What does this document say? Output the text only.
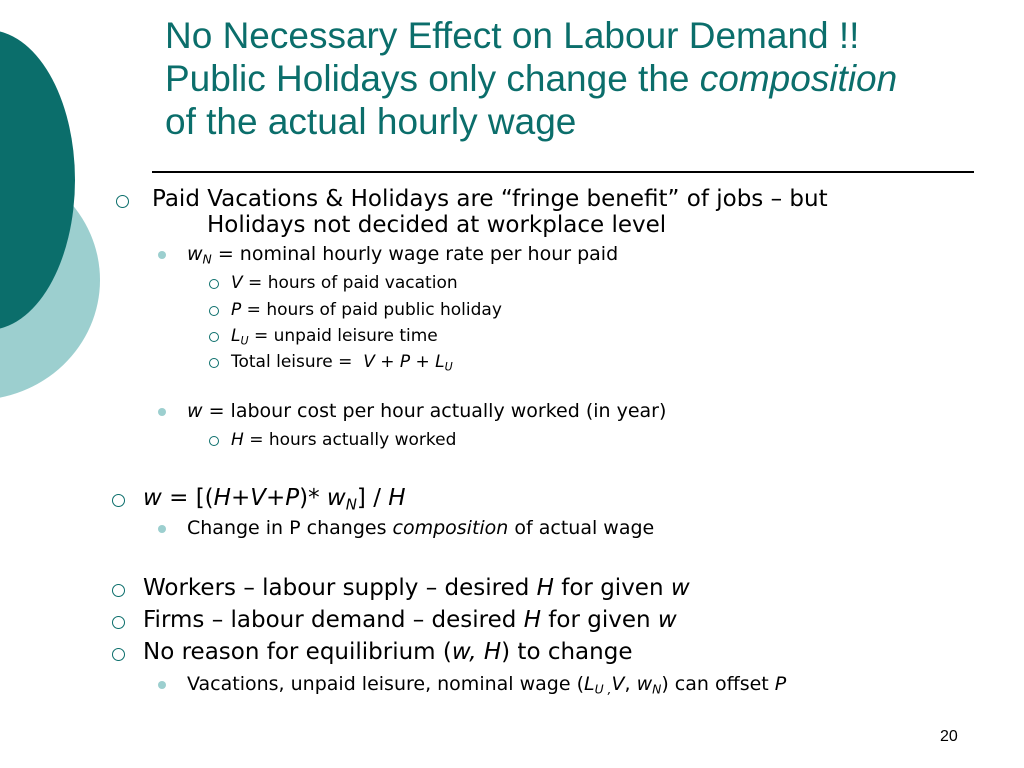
No Necessary Effect on Labour Demand !!
Public Holidays only change the composition
of the actual hourly wage
Paid Vacations & Holidays are “fringe benefit” of jobs – but
Holidays not decided at workplace level
$w_N$ = nominal hourly wage rate per hour paid
V = hours of paid vacation
P = hours of paid public holiday
$L_U$ = unpaid leisure time
Total leisure =  $V + P + L_U$
w = labour cost per hour actually worked (in year)
H = hours actually worked
w = [(H+V+P)* $w_N$] / H
Change in P changes composition of actual wage
Workers – labour supply – desired H for given w
Firms – labour demand – desired H for given w
No reason for equilibrium (w, H) to change
Vacations, unpaid leisure, nominal wage ($L_{U ,}V$, $w_N$) can offset P
20
